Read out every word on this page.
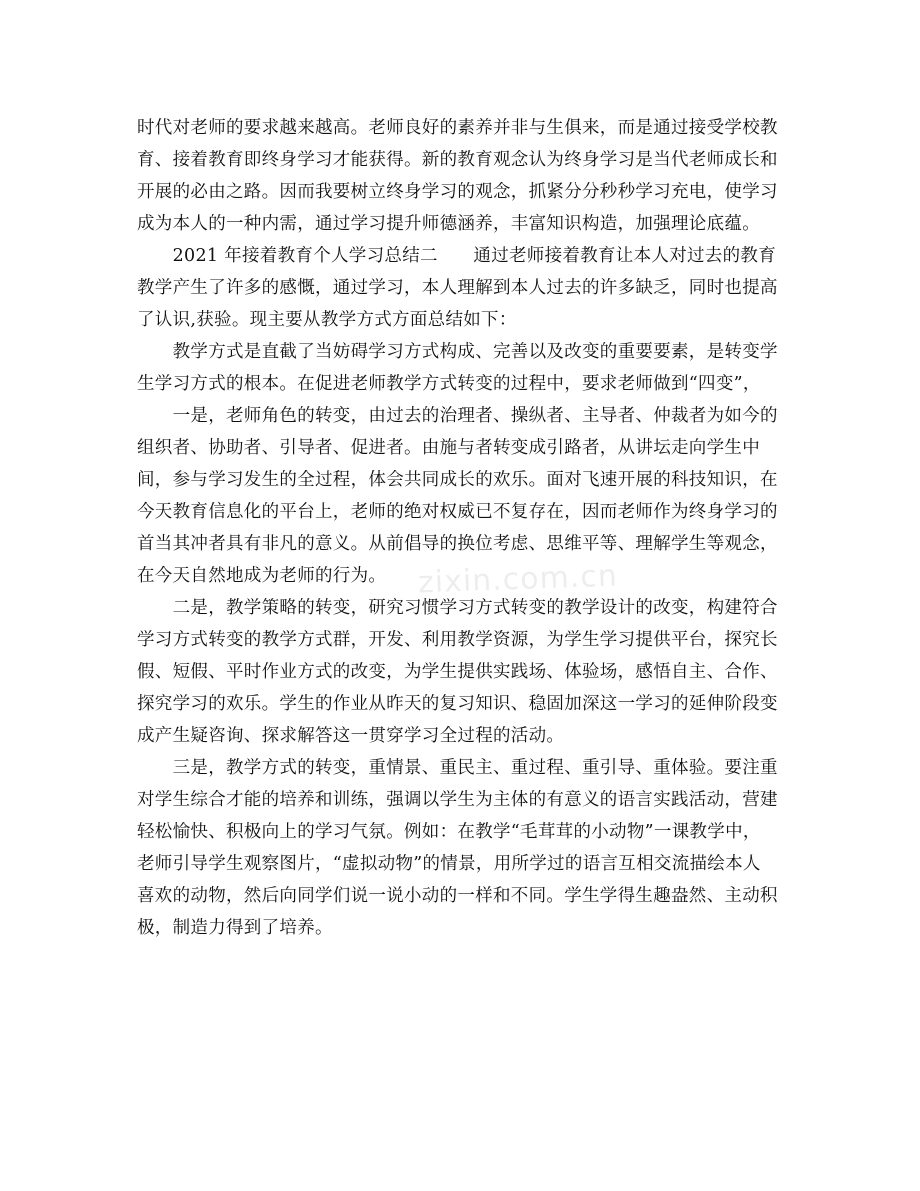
时代对老师的要求越来越高。老师良好的素养并非与生俱来，而是通过接受学校教
育、接着教育即终身学习才能获得。新的教育观念认为终身学习是当代老师成长和
开展的必由之路。因而我要树立终身学习的观念，抓紧分分秒秒学习充电，使学习
成为本人的一种内需，通过学习提升师德涵养，丰富知识构造，加强理论底蕴。

　　2021 年接着教育个人学习总结二　　通过老师接着教育让本人对过去的教育
教学产生了许多的感慨，通过学习，本人理解到本人过去的许多缺乏，同时也提高
了认识,获验。现主要从教学方式方面总结如下：

　　教学方式是直截了当妨碍学习方式构成、完善以及改变的重要要素，是转变学
生学习方式的根本。在促进老师教学方式转变的过程中，要求老师做到“四变”，

　　一是，老师角色的转变，由过去的治理者、操纵者、主导者、仲裁者为如今的
组织者、协助者、引导者、促进者。由施与者转变成引路者，从讲坛走向学生中
间，参与学习发生的全过程，体会共同成长的欢乐。面对飞速开展的科技知识，在
今天教育信息化的平台上，老师的绝对权威已不复存在，因而老师作为终身学习的
首当其冲者具有非凡的意义。从前倡导的换位考虑、思维平等、理解学生等观念，
在今天自然地成为老师的行为。

　　二是，教学策略的转变，研究习惯学习方式转变的教学设计的改变，构建符合
学习方式转变的教学方式群，开发、利用教学资源，为学生学习提供平台，探究长
假、短假、平时作业方式的改变，为学生提供实践场、体验场，感悟自主、合作、
探究学习的欢乐。学生的作业从昨天的复习知识、稳固加深这一学习的延伸阶段变
成产生疑咨询、探求解答这一贯穿学习全过程的活动。

　　三是，教学方式的转变，重情景、重民主、重过程、重引导、重体验。要注重
对学生综合才能的培养和训练，强调以学生为主体的有意义的语言实践活动，营建
轻松愉快、积极向上的学习气氛。例如：在教学“毛茸茸的小动物”一课教学中，
老师引导学生观察图片，“虚拟动物”的情景，用所学过的语言互相交流描绘本人
喜欢的动物，然后向同学们说一说小动的一样和不同。学生学得生趣盎然、主动积
极，制造力得到了培养。

zixin.com.cn
